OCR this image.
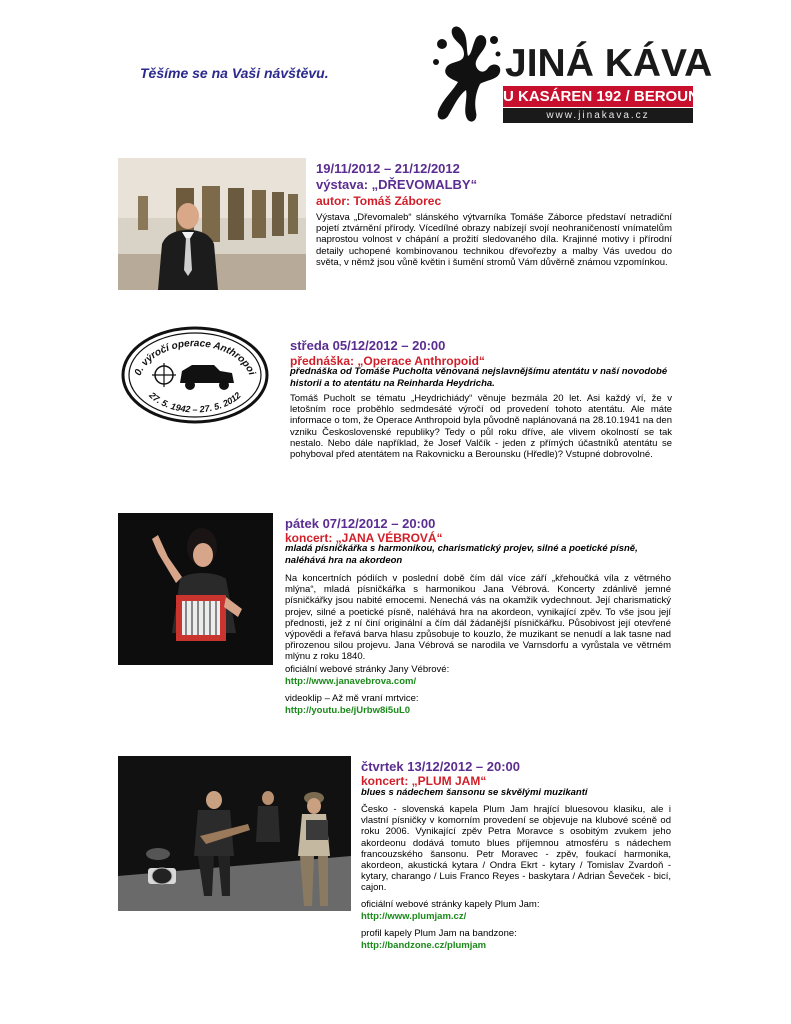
Těšíme se na Vaši návštěvu.	JINÁ KÁVA
U KASÁREN 192 / BEROUN
www.jinakava.cz
19/11/2012 – 21/12/2012
výstava: „DŘEVOMALBY“
autor: Tomáš Záborec
Výstava „Dřevomaleb“ slánského výtvarníka Tomáše Záborce představí netradiční pojetí ztvárnění přírody. Vícedílné obrazy nabízejí svojí neohraničeností vnímatelům naprostou volnost v chápání a prožití sledovaného díla. Krajinné motivy i přírodní detaily uchopené kombinovanou technikou dřevořezby a malby Vás uvedou do světa, v němž jsou vůně květin i šumění stromů Vám důvěrně známou vzpomínkou.
0. výročí operace Anthropoi
27. 5. 1942 – 27. 5. 2012
středa 05/12/2012 – 20:00
přednáška: „Operace Anthropoid“
přednáška od Tomáše Pucholta věnovaná nejslavnějšímu atentátu v naší novodobé historii a to atentátu na Reinharda Heydricha.
Tomáš Pucholt se tématu „Heydrichiády“ věnuje bezmála 20 let. Asi každý ví, že v letošním roce proběhlo sedmdesáté výročí od provedení tohoto atentátu. Ale máte informace o tom, že Operace Anthropoid byla původně naplánovaná na 28.10.1941 na den vzniku Československé republiky? Tedy o půl roku dříve, ale vlivem okolností se tak nestalo. Nebo dále například, že Josef Valčík - jeden z přímých účastníků atentátu se pohyboval před atentátem na Rakovnicku a Berounsku (Hředle)? Vstupné dobrovolné.
pátek 07/12/2012 – 20:00
koncert: „JANA VÉBROVÁ“
mladá písničkářka s harmonikou, charismatický projev, silné a poetické písně, naléhává hra na akordeon
Na koncertních pódiích v poslední době čím dál více září „křehoučká víla z větrného mlýna“, mladá písničkářka s harmonikou Jana Vébrová. Koncerty zdánlivě jemné písničkářky jsou nabité emocemi. Nenechá vás na okamžik vydechnout. Její charismatický projev, silné a poetické písně, naléhává hra na akordeon, vynikající zpěv. To vše jsou její přednosti, jež z ní činí originální a čím dál žádanější písničkářku. Působivost její otevřené výpovědi a řeřavá barva hlasu způsobuje to kouzlo, že muzikant se nenudí a lak tasne nad přirozenou silou projevu. Jana Vébrová se narodila ve Varnsdorfu a vyrůstala ve větrném mlýnu z roku 1840.
oficiální webové stránky Jany Vébrové:
http://www.janavebrova.com/
videoklip – Až mě vraní mrtvice:
http://youtu.be/jUrbw8i5uL0
čtvrtek 13/12/2012 – 20:00
koncert: „PLUM JAM“
blues s nádechem šansonu se skvělými muzikanti
Česko - slovenská kapela Plum Jam hrající bluesovou klasiku, ale i vlastní písničky v komorním provedení se objevuje na klubové scéně od roku 2006. Vynikající zpěv Petra Moravce s osobitým zvukem jeho akordeonu dodává tomuto blues příjemnou atmosféru s nádechem francouzského šansonu. Petr Moravec - zpěv, foukací harmonika, akordeon, akustická kytara / Ondra Ekrt - kytary / Tomislav Zvardoň - kytary, charango / Luis Franco Reyes - baskytara / Adrian Ševeček - bicí, cajon.
oficiální webové stránky kapely Plum Jam:
http://www.plumjam.cz/
profil kapely Plum Jam na bandzone:
http://bandzone.cz/plumjam
